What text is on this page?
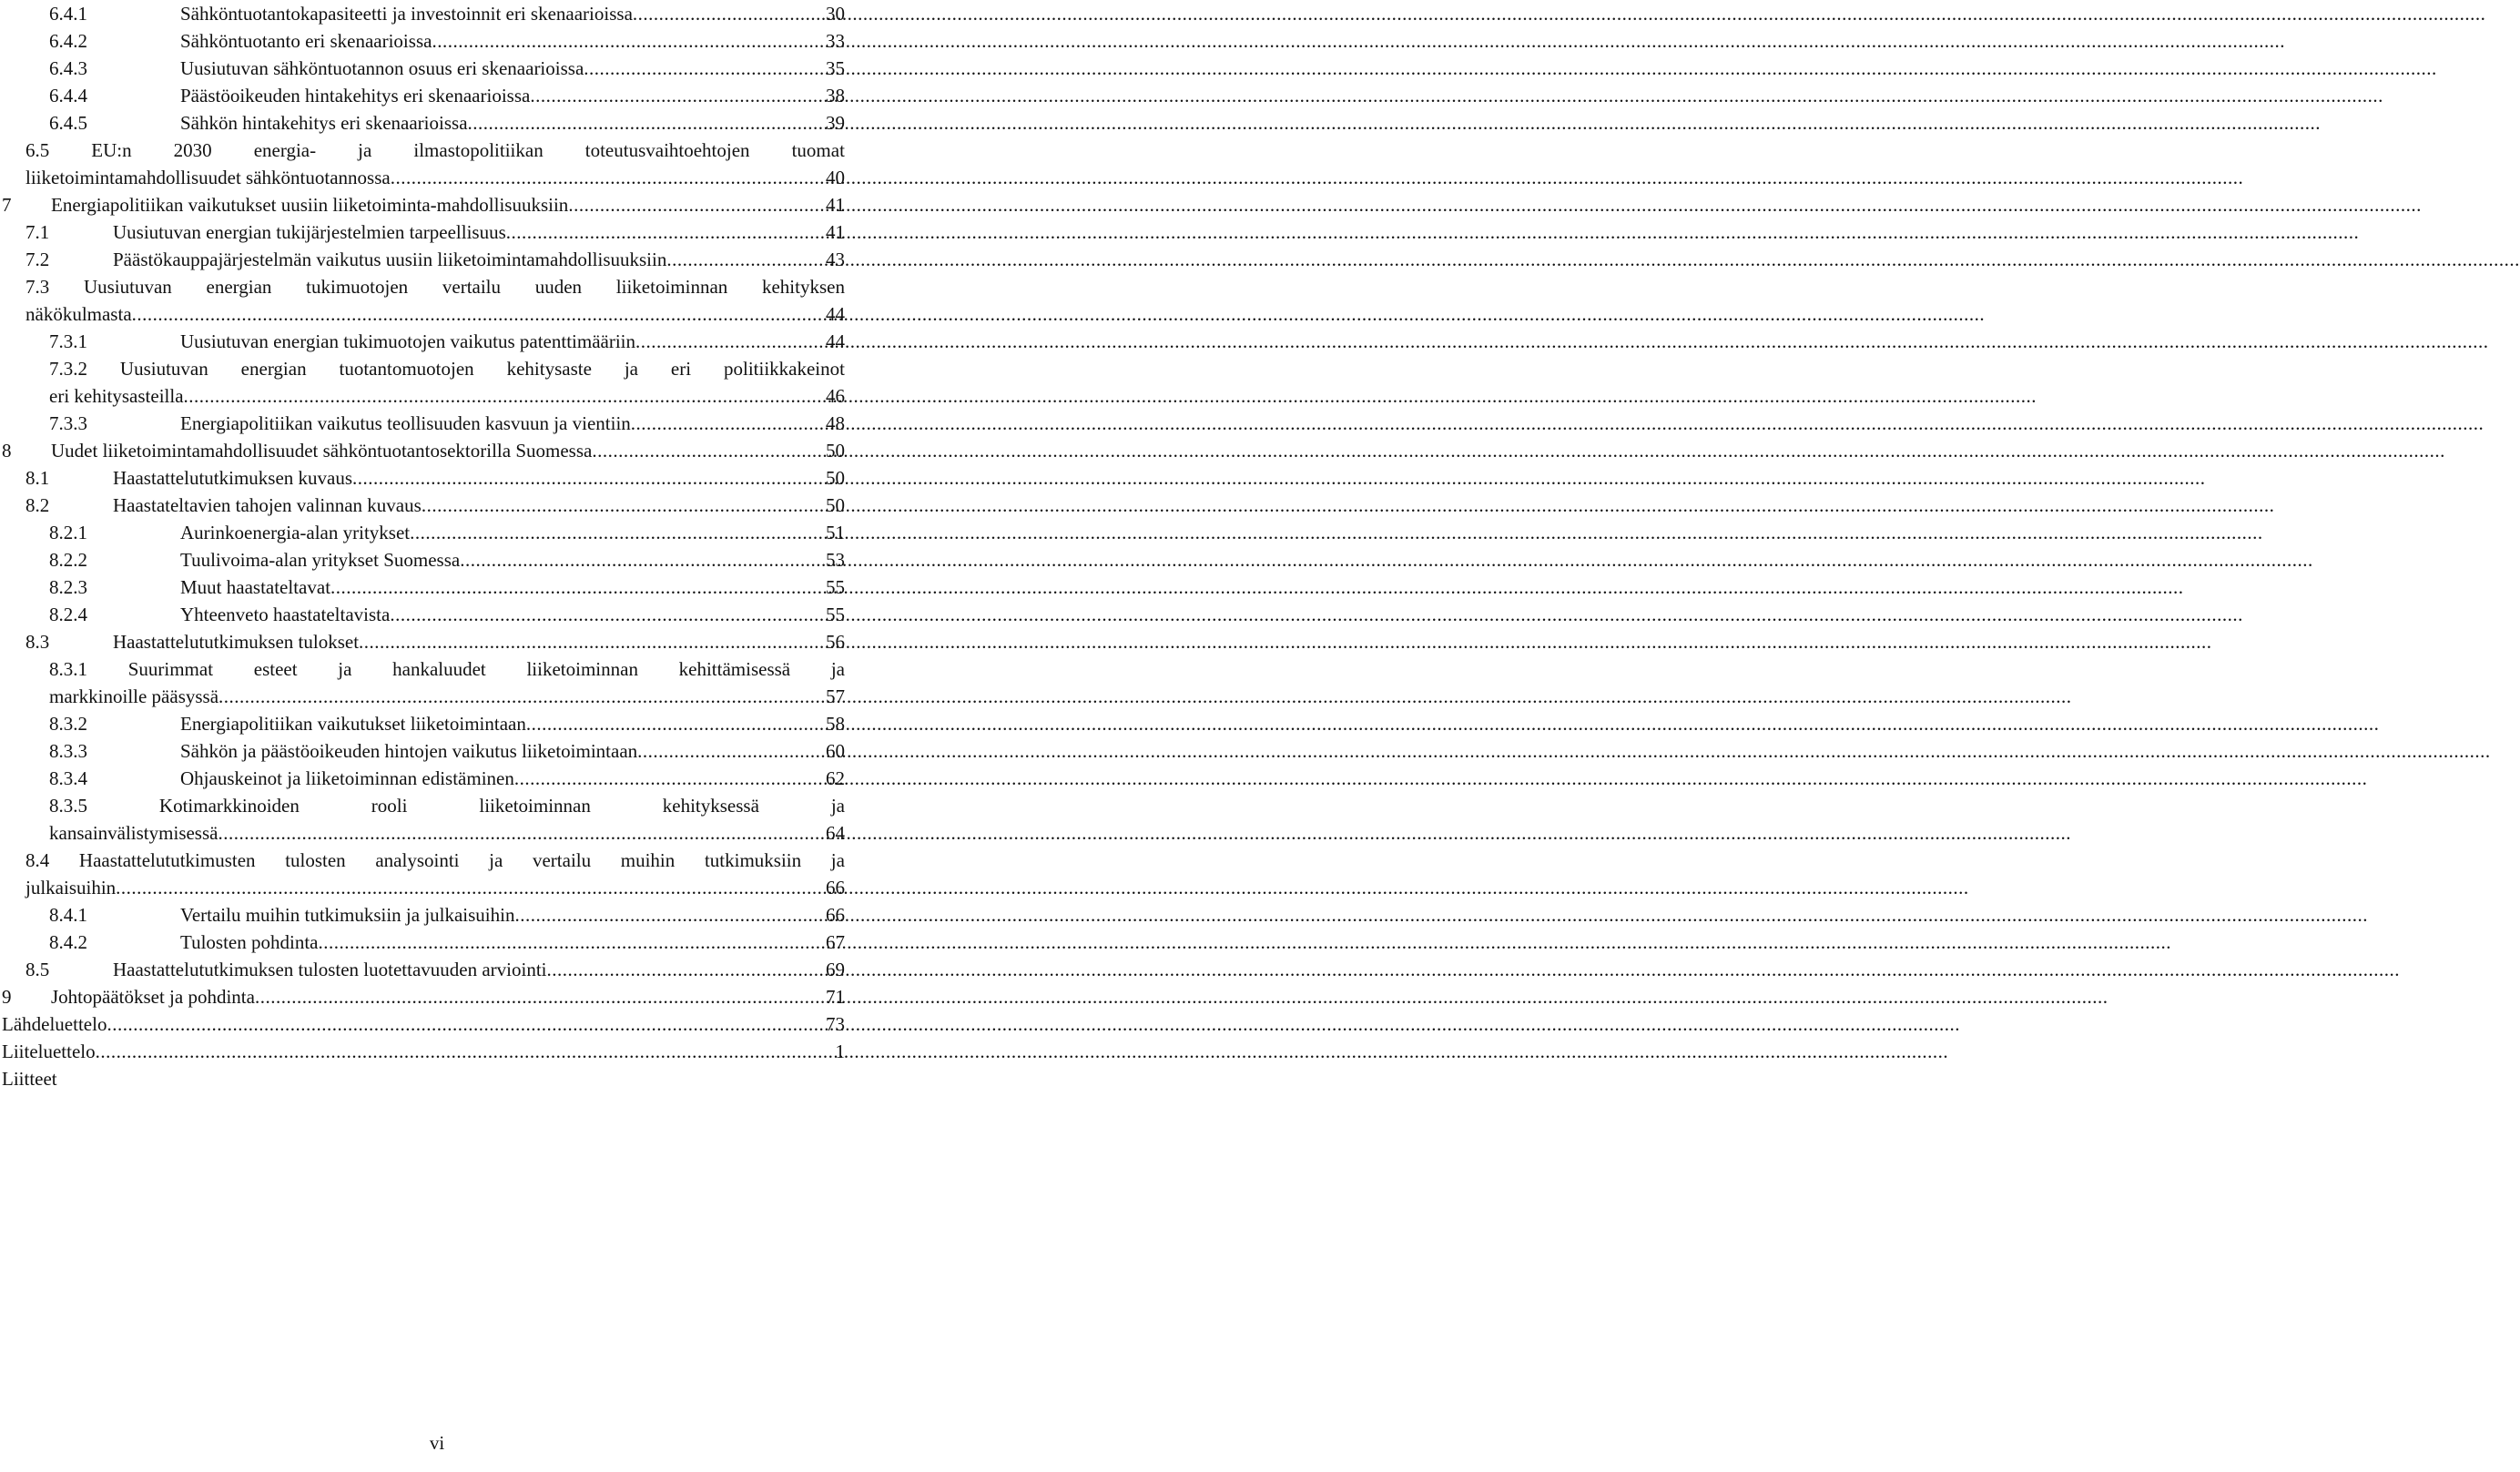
6.4.1	Sähköntuotantokapasiteetti ja investoinnit eri skenaarioissa .....	30
6.4.2	Sähköntuotanto eri skenaarioissa .....	33
6.4.3	Uusiutuvan sähköntuotannon osuus eri skenaarioissa .....	35
6.4.4	Päästöoikeuden hintakehitys eri skenaarioissa .....	38
6.4.5	Sähkön hintakehitys eri skenaarioissa .....	39
6.5 EU:n 2030 energia- ja ilmastopolitiikan toteutusvaihtoehtojen tuomat
liiketoimintamahdollisuudet sähköntuotannossa .....	40
7	Energiapolitiikan vaikutukset uusiin liiketoiminta-mahdollisuuksiin .....	41
7.1	Uusiutuvan energian tukijärjestelmien tarpeellisuus .....	41
7.2	Päästökauppajärjestelmän vaikutus uusiin liiketoimintamahdollisuuksiin .....	43
7.3 Uusiutuvan energian tukimuotojen vertailu uuden liiketoiminnan kehityksen
näkökulmasta .....	44
7.3.1	Uusiutuvan energian tukimuotojen vaikutus patenttimääriin .....	44
7.3.2 Uusiutuvan energian tuotantomuotojen kehitysaste ja eri politiikkakeinot
eri kehitysasteilla .....	46
7.3.3	Energiapolitiikan vaikutus teollisuuden kasvuun ja vientiin .....	48
8	Uudet liiketoimintamahdollisuudet sähköntuotantosektorilla Suomessa .....	50
8.1	Haastattelututkimuksen kuvaus .....	50
8.2	Haastateltavien tahojen valinnan kuvaus .....	50
8.2.1	Aurinkoenergia-alan yritykset .....	51
8.2.2	Tuulivoima-alan yritykset Suomessa .....	53
8.2.3	Muut haastateltavat .....	55
8.2.4	Yhteenveto haastateltavista .....	55
8.3	Haastattelututkimuksen tulokset .....	56
8.3.1 Suurimmat esteet ja hankaluudet liiketoiminnan kehittämisessä ja
markkinoille pääsyssä .....	57
8.3.2	Energiapolitiikan vaikutukset liiketoimintaan .....	58
8.3.3	Sähkön ja päästöoikeuden hintojen vaikutus liiketoimintaan .....	60
8.3.4	Ohjauskeinot ja liiketoiminnan edistäminen .....	62
8.3.5	Kotimarkkinoiden	rooli	liiketoiminnan	kehityksessä	ja
kansainvälistymisessä .....	64
8.4 Haastattelututkimusten tulosten analysointi ja vertailu muihin tutkimuksiin ja
julkaisuihin .....	66
8.4.1	Vertailu muihin tutkimuksiin ja julkaisuihin .....	66
8.4.2	Tulosten pohdinta .....	67
8.5	Haastattelututkimuksen tulosten luotettavuuden arviointi .....	69
9	Johtopäätökset ja pohdinta .....	71
Lähdeluettelo .....	73
Liiteluettelo .....	1
Liitteet
vi
